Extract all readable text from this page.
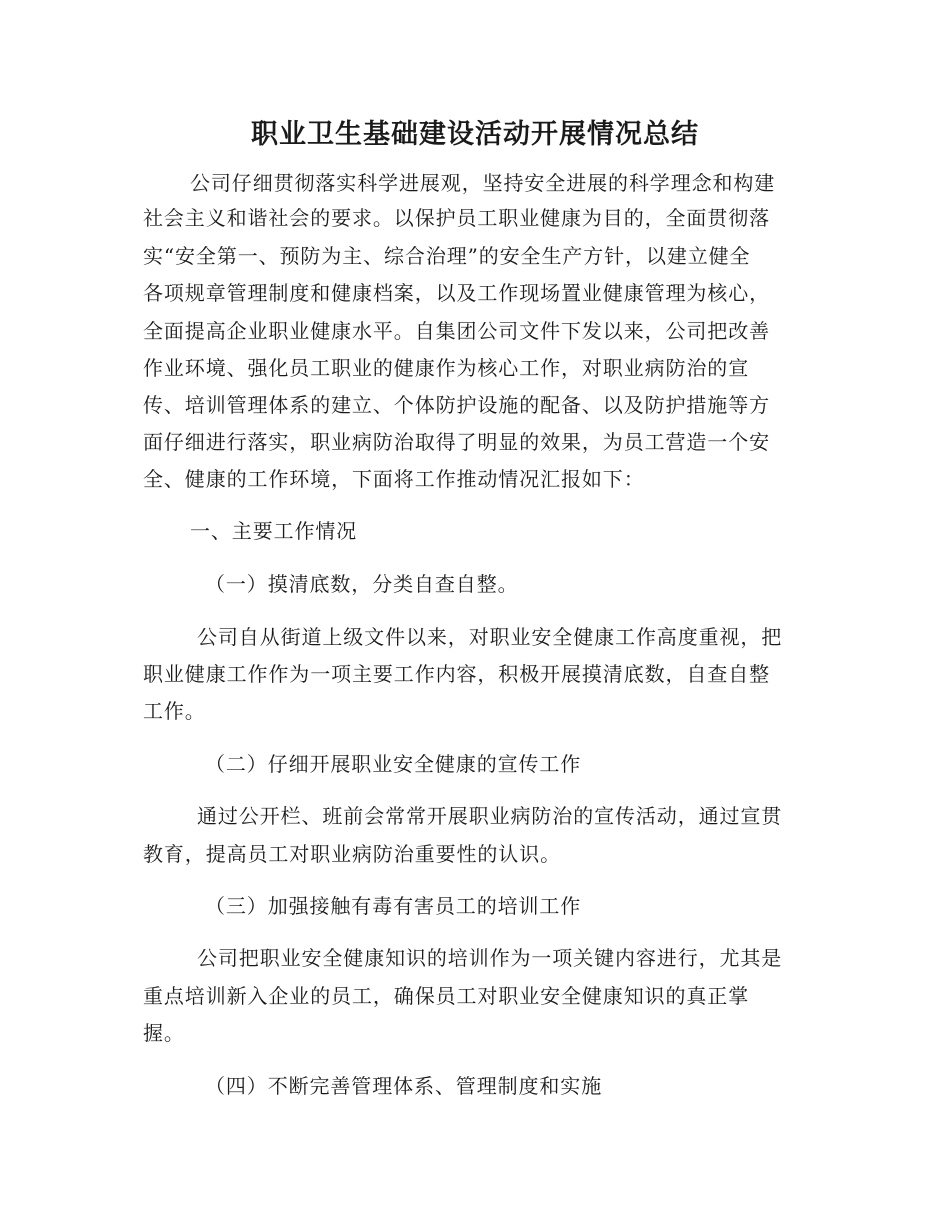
职业卫生基础建设活动开展情况总结

公司仔细贯彻落实科学进展观，坚持安全进展的科学理念和构建

社会主义和谐社会的要求。以保护员工职业健康为目的，全面贯彻落

实“安全第一、预防为主、综合治理”的安全生产方针，以建立健全

各项规章管理制度和健康档案，以及工作现场置业健康管理为核心，

全面提高企业职业健康水平。自集团公司文件下发以来，公司把改善

作业环境、强化员工职业的健康作为核心工作，对职业病防治的宣

传、培训管理体系的建立、个体防护设施的配备、以及防护措施等方

面仔细进行落实，职业病防治取得了明显的效果，为员工营造一个安

全、健康的工作环境，下面将工作推动情况汇报如下：

一、主要工作情况

（一）摸清底数，分类自查自整。

公司自从街道上级文件以来，对职业安全健康工作高度重视，把

职业健康工作作为一项主要工作内容，积极开展摸清底数，自查自整

工作。

（二）仔细开展职业安全健康的宣传工作

通过公开栏、班前会常常开展职业病防治的宣传活动，通过宣贯

教育，提高员工对职业病防治重要性的认识。

（三）加强接触有毒有害员工的培训工作

公司把职业安全健康知识的培训作为一项关键内容进行，尤其是

重点培训新入企业的员工，确保员工对职业安全健康知识的真正掌

握。

（四）不断完善管理体系、管理制度和实施
